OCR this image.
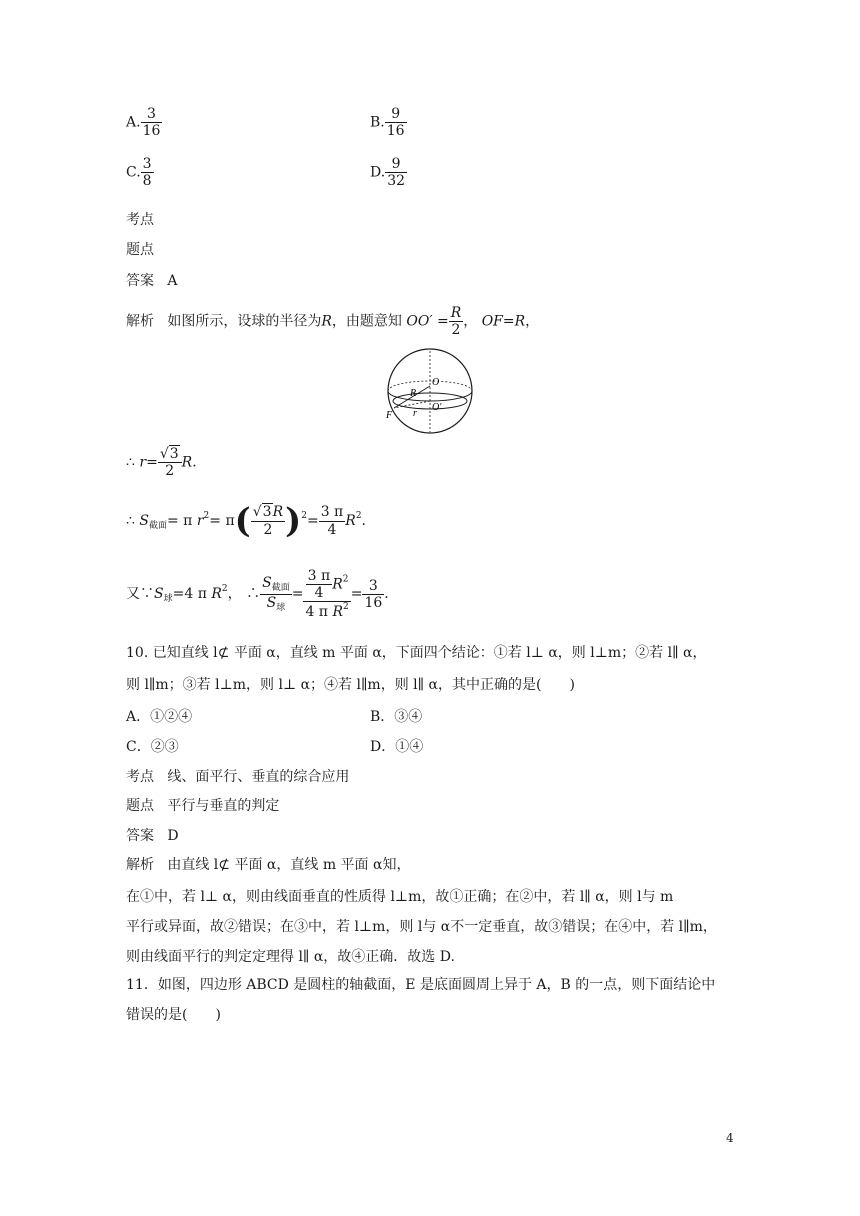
A. $\frac{3}{16}$	B. $\frac{9}{16}$
C. $\frac{3}{8}$	D. $\frac{9}{32}$
考点
题点
答案 A
解析 如图所示，设球的半径为R，由题意知 $OO' = \frac{R}{2}$ ， OF=R，
O
R
O′
F r
∴ $r= \frac{√3}{2} R$.
∴ $S_{截面}= \pi$ $r^2= \pi( \frac{√3R}{2} )^2= \frac{3 \pi}{4} R^2$.
又$\because S_球=4$ π $R^2$， ∴ $\frac{S_{截面}}{S_球} = \frac{\frac{3 \pi}{4} R^2}{4 \pi R^2} = \frac{3}{16}$ .
10. 已知直线 l⊄ 平面 α，直线 m 平面 α，下面四个结论：①若 l⊥ α，则 l⊥m；②若 l∥ α，
则 l∥m；③若 l⊥m，则 l⊥ α；④若 l∥m，则 l∥ α，其中正确的是(　　)
A．①②④	B．③④
C．②③	D．①④
考点 线、面平行、垂直的综合应用
题点 平行与垂直的判定
答案 D
解析 由直线 l⊄ 平面 α，直线 m 平面 α知，
在①中，若 l⊥ α，则由线面垂直的性质得 l⊥m，故①正确；在②中，若 l∥ α，则 l与 m
平行或异面，故②错误；在③中，若 l⊥m，则 l与 α不一定垂直，故③错误；在④中，若 l∥m，
则由线面平行的判定定理得 l∥ α，故④正确．故选 D.
11．如图，四边形 ABCD 是圆柱的轴截面，E 是底面圆周上异于 A，B 的一点，则下面结论中
错误的是(　　)
4
